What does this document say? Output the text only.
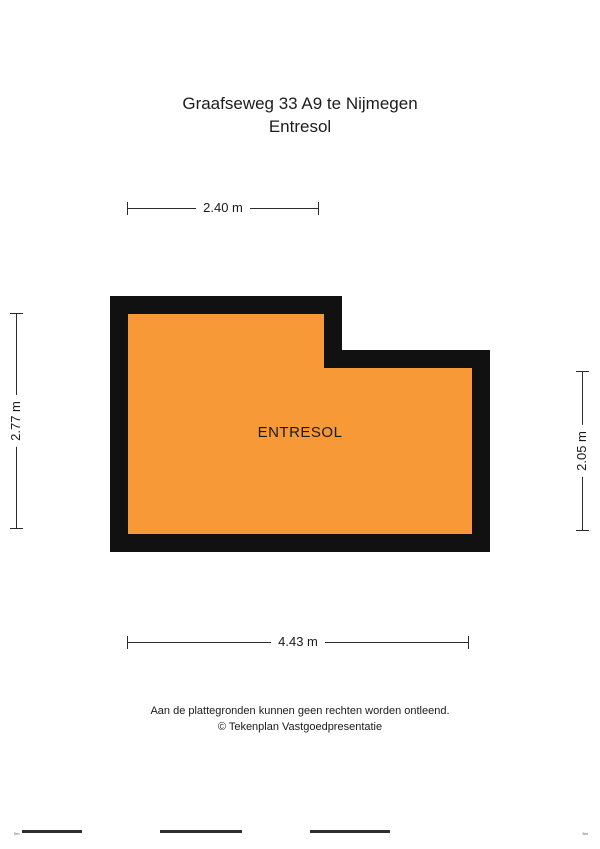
Graafseweg 33 A9 te Nijmegen
Entresol
2.40 m
2.77 m
2.05 m
ENTRESOL
4.43 m
Aan de plattegronden kunnen geen rechten worden ontleend.
© Tekenplan Vastgoedpresentatie
0m	5m
